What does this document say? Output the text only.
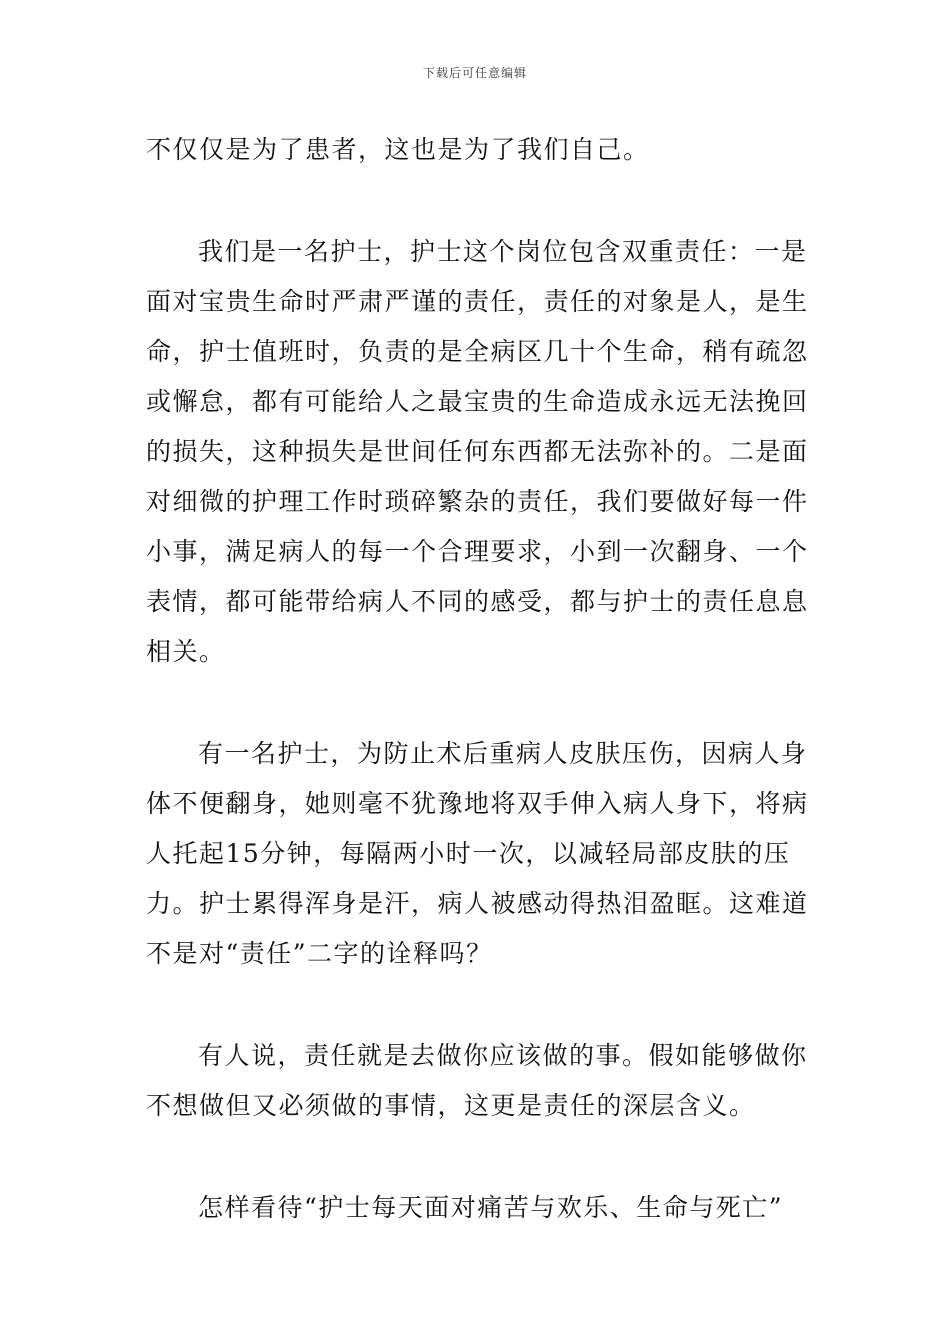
下载后可任意编辑

不仅仅是为了患者，这也是为了我们自己。

我们是一名护士，护士这个岗位包含双重责任：一是面对宝贵生命时严肃严谨的责任，责任的对象是人，是生命，护士值班时，负责的是全病区几十个生命，稍有疏忽或懈怠，都有可能给人之最宝贵的生命造成永远无法挽回的损失，这种损失是世间任何东西都无法弥补的。二是面对细微的护理工作时琐碎繁杂的责任，我们要做好每一件小事，满足病人的每一个合理要求，小到一次翻身、一个表情，都可能带给病人不同的感受，都与护士的责任息息相关。

有一名护士，为防止术后重病人皮肤压伤，因病人身体不便翻身，她则毫不犹豫地将双手伸入病人身下，将病人托起15分钟，每隔两小时一次，以减轻局部皮肤的压力。护士累得浑身是汗，病人被感动得热泪盈眶。这难道不是对“责任”二字的诠释吗？

有人说，责任就是去做你应该做的事。假如能够做你不想做但又必须做的事情，这更是责任的深层含义。

怎样看待“护士每天面对痛苦与欢乐、生命与死亡”
